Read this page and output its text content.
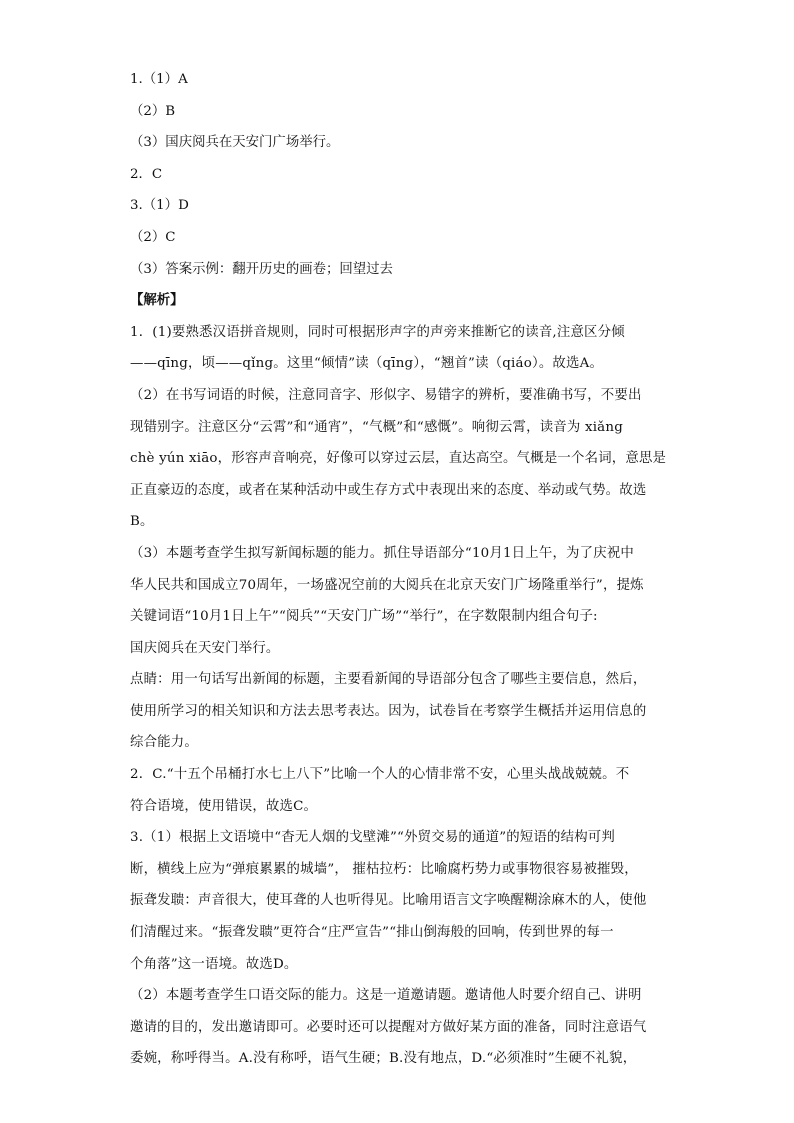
1.（1）A

（2）B

（3）国庆阅兵在天安门广场举行。

2．C

3.（1）D

（2）C

（3）答案示例：翻开历史的画卷；回望过去

【解析】

1．(1)要熟悉汉语拼音规则，同时可根据形声字的声旁来推断它的读音,注意区分倾

——qīng，顷——qǐng。这里“倾情”读（qīng），“翘首”读（qiáo）。故选A。

（2）在书写词语的时候，注意同音字、形似字、易错字的辨析，要准确书写，不要出

现错别字。注意区分“云霄”和“通宵”，“气概”和“感慨”。响彻云霄，读音为 xiǎng

chè yún xiāo，形容声音响亮，好像可以穿过云层，直达高空。气概是一个名词，意思是

正直豪迈的态度，或者在某种活动中或生存方式中表现出来的态度、举动或气势。故选

B。

（3）本题考查学生拟写新闻标题的能力。抓住导语部分“10月1日上午，为了庆祝中

华人民共和国成立70周年，一场盛况空前的大阅兵在北京天安门广场隆重举行”，提炼

关键词语“10月1日上午”“阅兵”“天安门广场”“举行”，在字数限制内组合句子:

国庆阅兵在天安门举行。

点睛：用一句话写出新闻的标题，主要看新闻的导语部分包含了哪些主要信息，然后，

使用所学习的相关知识和方法去思考表达。因为，试卷旨在考察学生概括并运用信息的

综合能力。

2．C.“十五个吊桶打水七上八下”比喻一个人的心情非常不安，心里头战战兢兢。不

符合语境，使用错误，故选C。

3.（1）根据上文语境中“杳无人烟的戈壁滩”“外贸交易的通道”的短语的结构可判

断，横线上应为“弹痕累累的城墙”， 摧枯拉朽：比喻腐朽势力或事物很容易被摧毁，

振聋发聩：声音很大，使耳聋的人也听得见。比喻用语言文字唤醒糊涂麻木的人，使他

们清醒过来。“振聋发聩”更符合“庄严宣告”“排山倒海般的回响，传到世界的每一

个角落”这一语境。故选D。

（2）本题考查学生口语交际的能力。这是一道邀请题。邀请他人时要介绍自己、讲明

邀请的目的，发出邀请即可。必要时还可以提醒对方做好某方面的准备，同时注意语气

委婉，称呼得当。A.没有称呼，语气生硬；B.没有地点，D.“必须准时”生硬不礼貌，
